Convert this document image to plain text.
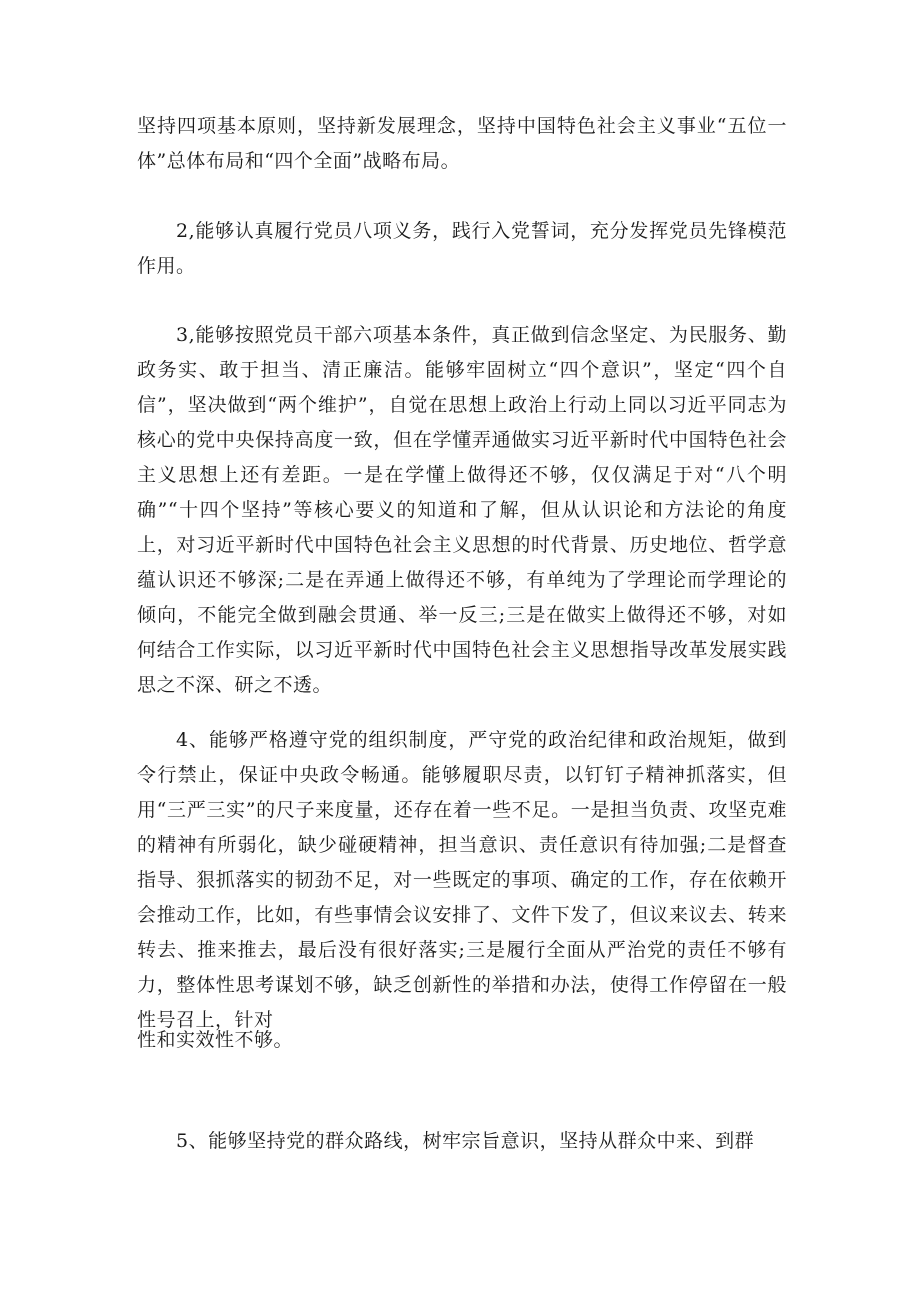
坚持四项基本原则，坚持新发展理念，坚持中国特色社会主义事业“五位一体”总体布局和“四个全面”战略布局。

2,能够认真履行党员八项义务，践行入党誓词，充分发挥党员先锋模范作用。

3,能够按照党员干部六项基本条件，真正做到信念坚定、为民服务、勤政务实、敢于担当、清正廉洁。能够牢固树立“四个意识”，坚定“四个自信”，坚决做到“两个维护”，自觉在思想上政治上行动上同以习近平同志为核心的党中央保持高度一致，但在学懂弄通做实习近平新时代中国特色社会主义思想上还有差距。一是在学懂上做得还不够，仅仅满足于对“八个明确”“十四个坚持”等核心要义的知道和了解，但从认识论和方法论的角度上，对习近平新时代中国特色社会主义思想的时代背景、历史地位、哲学意蕴认识还不够深;二是在弄通上做得还不够，有单纯为了学理论而学理论的倾向，不能完全做到融会贯通、举一反三;三是在做实上做得还不够，对如何结合工作实际，以习近平新时代中国特色社会主义思想指导改革发展实践思之不深、研之不透。

4、能够严格遵守党的组织制度，严守党的政治纪律和政治规矩，做到令行禁止，保证中央政令畅通。能够履职尽责，以钉钉子精神抓落实，但用“三严三实”的尺子来度量，还存在着一些不足。一是担当负责、攻坚克难的精神有所弱化，缺少碰硬精神，担当意识、责任意识有待加强;二是督查指导、狠抓落实的韧劲不足，对一些既定的事项、确定的工作，存在依赖开会推动工作，比如，有些事情会议安排了、文件下发了，但议来议去、转来转去、推来推去，最后没有很好落实;三是履行全面从严治党的责任不够有力，整体性思考谋划不够，缺乏创新性的举措和办法，使得工作停留在一般性号召上，针对

性和实效性不够。

5、能够坚持党的群众路线，树牢宗旨意识，坚持从群众中来、到群
